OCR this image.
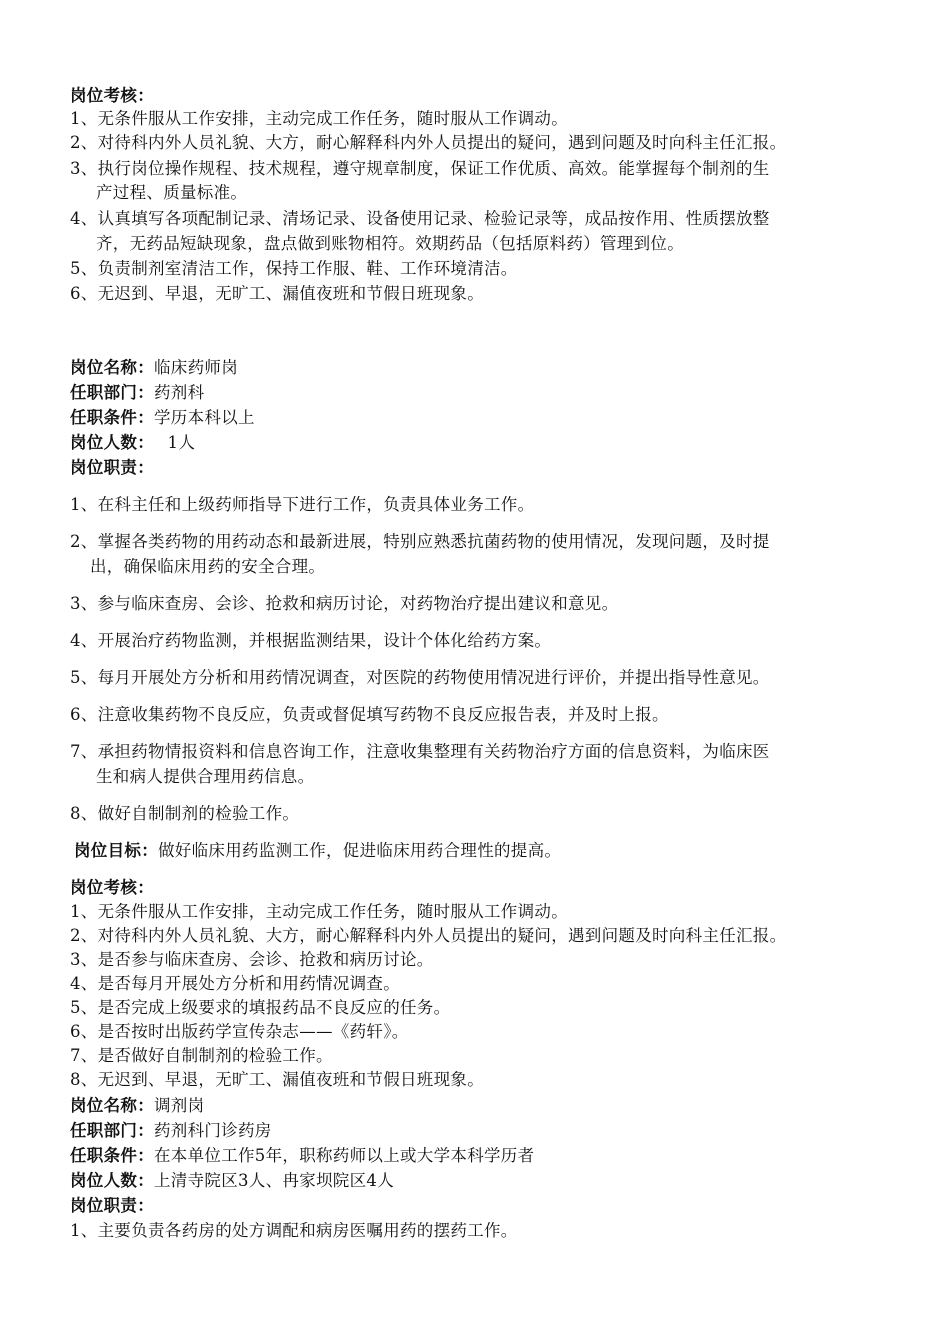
岗位考核：
1、无条件服从工作安排，主动完成工作任务，随时服从工作调动。
2、对待科内外人员礼貌、大方，耐心解释科内外人员提出的疑问，遇到问题及时向科主任汇报。
3、执行岗位操作规程、技术规程，遵守规章制度，保证工作优质、高效。能掌握每个制剂的生
产过程、质量标准。
4、认真填写各项配制记录、清场记录、设备使用记录、检验记录等，成品按作用、性质摆放整
齐，无药品短缺现象，盘点做到账物相符。效期药品（包括原料药）管理到位。
5、负责制剂室清洁工作，保持工作服、鞋、工作环境清洁。
6、无迟到、早退，无旷工、漏值夜班和节假日班现象。
岗位名称：临床药师岗
任职部门：药剂科
任职条件：学历本科以上
岗位人数： 1人
岗位职责：
1、在科主任和上级药师指导下进行工作，负责具体业务工作。
2、掌握各类药物的用药动态和最新进展，特别应熟悉抗菌药物的使用情况，发现问题，及时提
出，确保临床用药的安全合理。
3、参与临床查房、会诊、抢救和病历讨论，对药物治疗提出建议和意见。
4、开展治疗药物监测，并根据监测结果，设计个体化给药方案。
5、每月开展处方分析和用药情况调查，对医院的药物使用情况进行评价，并提出指导性意见。
6、注意收集药物不良反应，负责或督促填写药物不良反应报告表，并及时上报。
7、承担药物情报资料和信息咨询工作，注意收集整理有关药物治疗方面的信息资料，为临床医
生和病人提供合理用药信息。
8、做好自制制剂的检验工作。
岗位目标：做好临床用药监测工作，促进临床用药合理性的提高。
岗位考核：
1、无条件服从工作安排，主动完成工作任务，随时服从工作调动。
2、对待科内外人员礼貌、大方，耐心解释科内外人员提出的疑问，遇到问题及时向科主任汇报。
3、是否参与临床查房、会诊、抢救和病历讨论。
4、是否每月开展处方分析和用药情况调查。
5、是否完成上级要求的填报药品不良反应的任务。
6、是否按时出版药学宣传杂志——《药轩》。
7、是否做好自制制剂的检验工作。
8、无迟到、早退，无旷工、漏值夜班和节假日班现象。
岗位名称：调剂岗
任职部门：药剂科门诊药房
任职条件：在本单位工作5年，职称药师以上或大学本科学历者
岗位人数：上清寺院区3人、冉家坝院区4人
岗位职责：
1、主要负责各药房的处方调配和病房医嘱用药的摆药工作。
